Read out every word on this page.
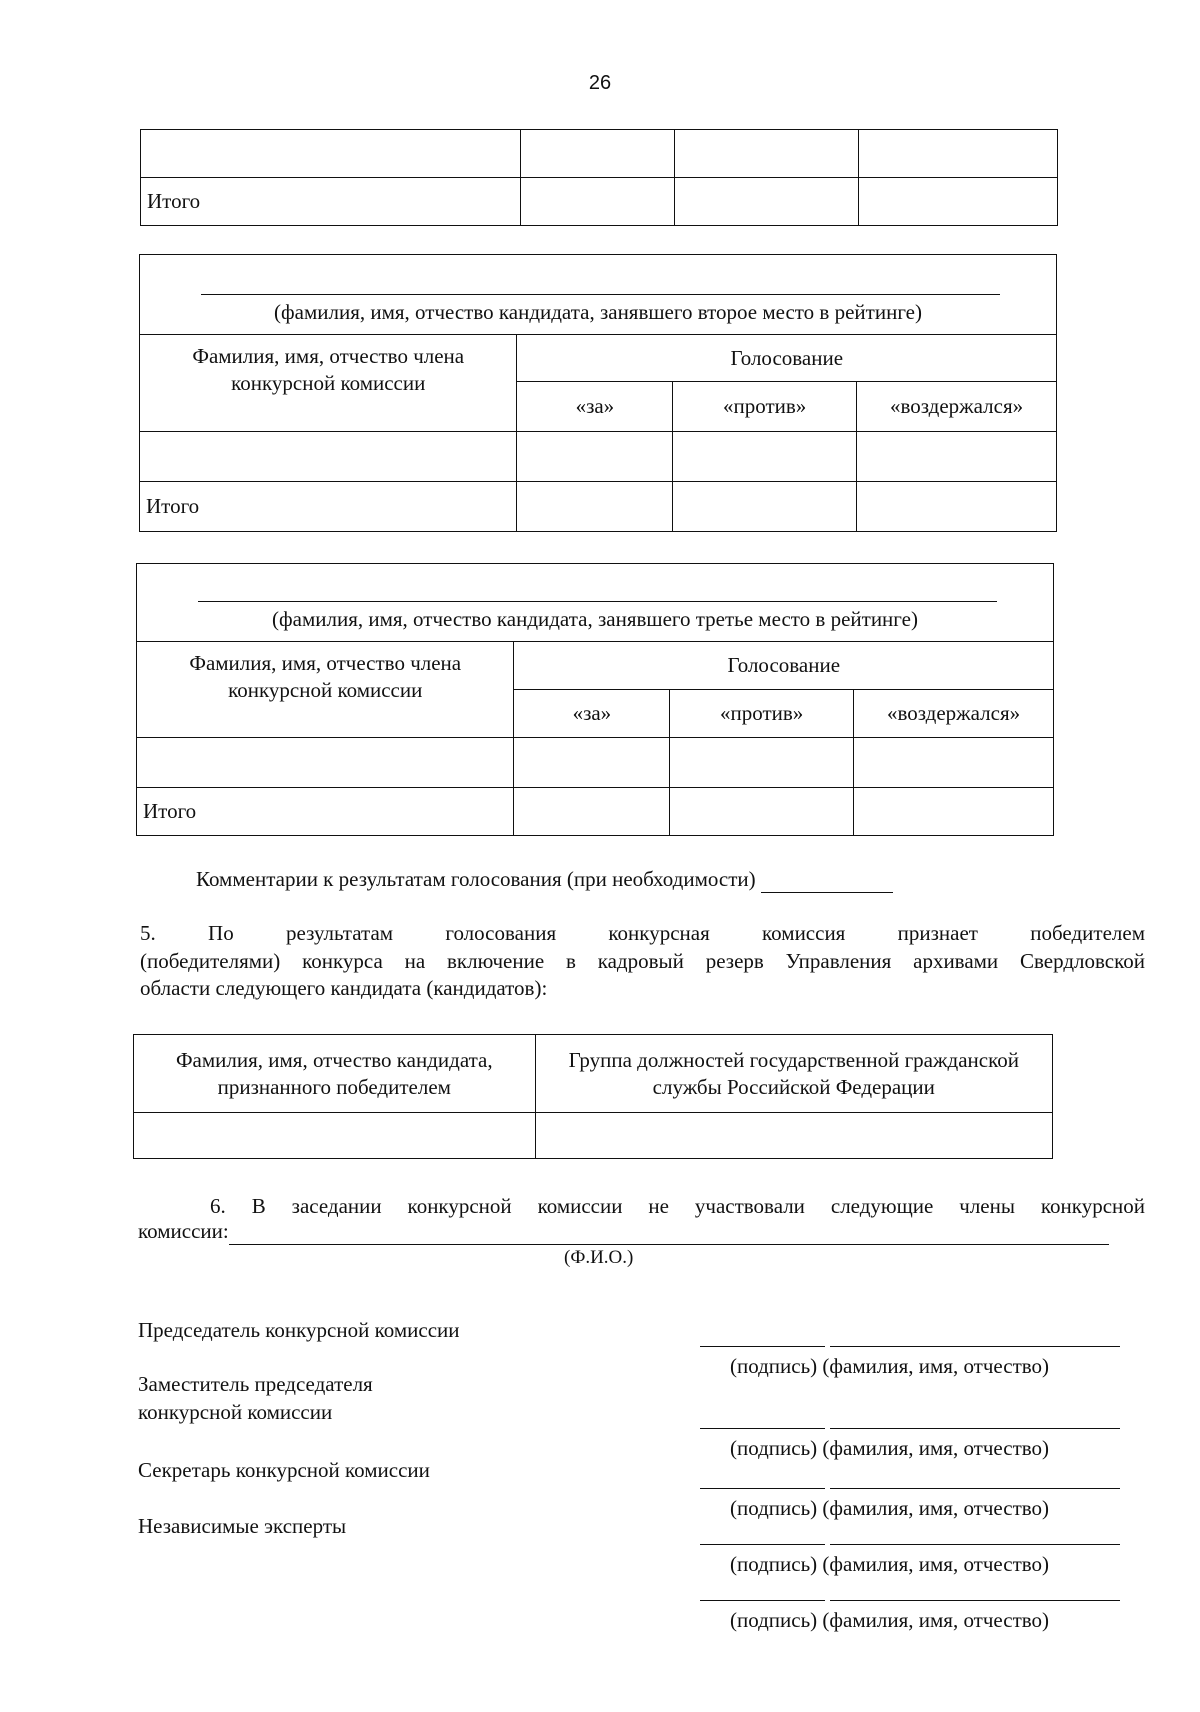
26

Итого			
(фамилия, имя, отчество кандидата, занявшего второе место в рейтинге)			

Фамилия, имя, отчество члена конкурсной комиссии	Голосование		
	«за»	«против»	«воздержался»

Итого			
(фамилия, имя, отчество кандидата, занявшего третье место в рейтинге)			

Фамилия, имя, отчество члена конкурсной комиссии	Голосование		
	«за»	«против»	«воздержался»

Итого			
Комментарии к результатам голосования (при необходимости)
5. По результатам голосования конкурсная комиссия признает победителем
(победителями) конкурса на включение в кадровый резерв Управления архивами Свердловской
области следующего кандидата (кандидатов):
Фамилия, имя, отчество кандидата, признанного победителем	Группа должностей государственной гражданской службы Российской Федерации

6. В заседании конкурсной комиссии не участвовали следующие члены конкурсной
комиссии:
(Ф.И.О.)
Председатель конкурсной комиссии
Заместитель председателя
конкурсной комиссии
Секретарь конкурсной комиссии
Независимые эксперты
(подпись) (фамилия, имя, отчество)
(подпись) (фамилия, имя, отчество)
(подпись) (фамилия, имя, отчество)
(подпись) (фамилия, имя, отчество)
(подпись) (фамилия, имя, отчество)
